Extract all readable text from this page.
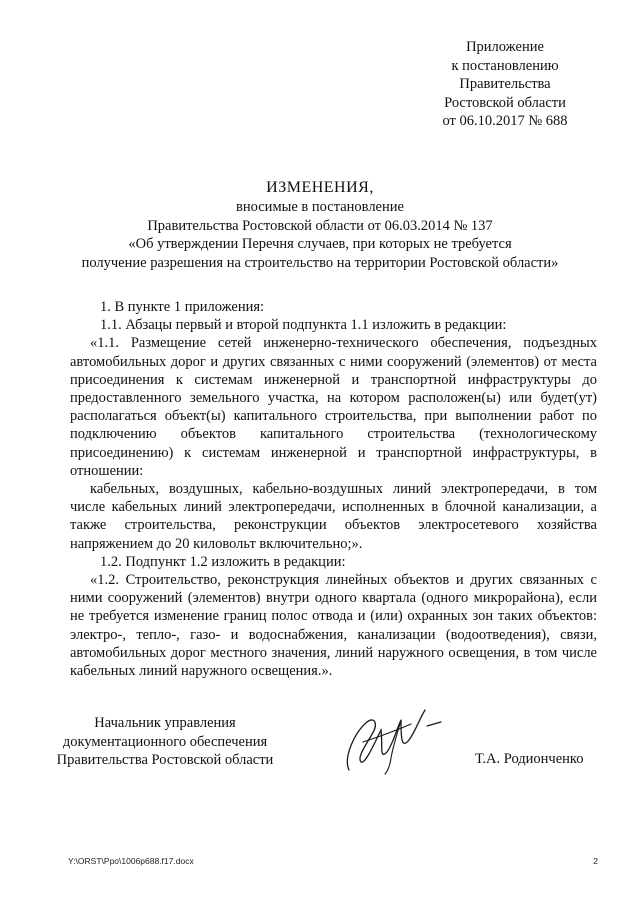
Приложение
к постановлению
Правительства
Ростовской области
от 06.10.2017 № 688
ИЗМЕНЕНИЯ,
вносимые в постановление
Правительства Ростовской области от 06.03.2014 № 137
«Об утверждении Перечня случаев, при которых не требуется
получение разрешения на строительство на территории Ростовской области»

1. В пункте 1 приложения:

1.1. Абзацы первый и второй подпункта 1.1 изложить в редакции:

«1.1. Размещение сетей инженерно-технического обеспечения, подъездных автомобильных дорог и других связанных с ними сооружений (элементов) от места присоединения к системам инженерной и транспортной инфраструктуры до предоставленного земельного участка, на котором расположен(ы) или будет(ут) располагаться объект(ы) капитального строительства, при выполнении работ по подключению объектов капитального строительства (технологическому присоединению) к системам инженерной и транспортной инфраструктуры, в отношении:

кабельных, воздушных, кабельно-воздушных линий электропередачи, в том числе кабельных линий электропередачи, исполненных в блочной канализации, а также строительства, реконструкции объектов электросетевого хозяйства напряжением до 20 киловольт включительно;».

1.2. Подпункт 1.2 изложить в редакции:

«1.2. Строительство, реконструкция линейных объектов и других связанных с ними сооружений (элементов) внутри одного квартала (одного микрорайона), если не требуется изменение границ полос отвода и (или) охранных зон таких объектов: электро-, тепло-, газо- и водоснабжения, канализации (водоотведения), связи, автомобильных дорог местного значения, линий наружного освещения, в том числе кабельных линий наружного освещения.».

Начальник управления
документационного обеспечения
Правительства Ростовской области	Т.А. Родионченко
Y:\ORST\Ppo\1006p688.f17.docx	2
